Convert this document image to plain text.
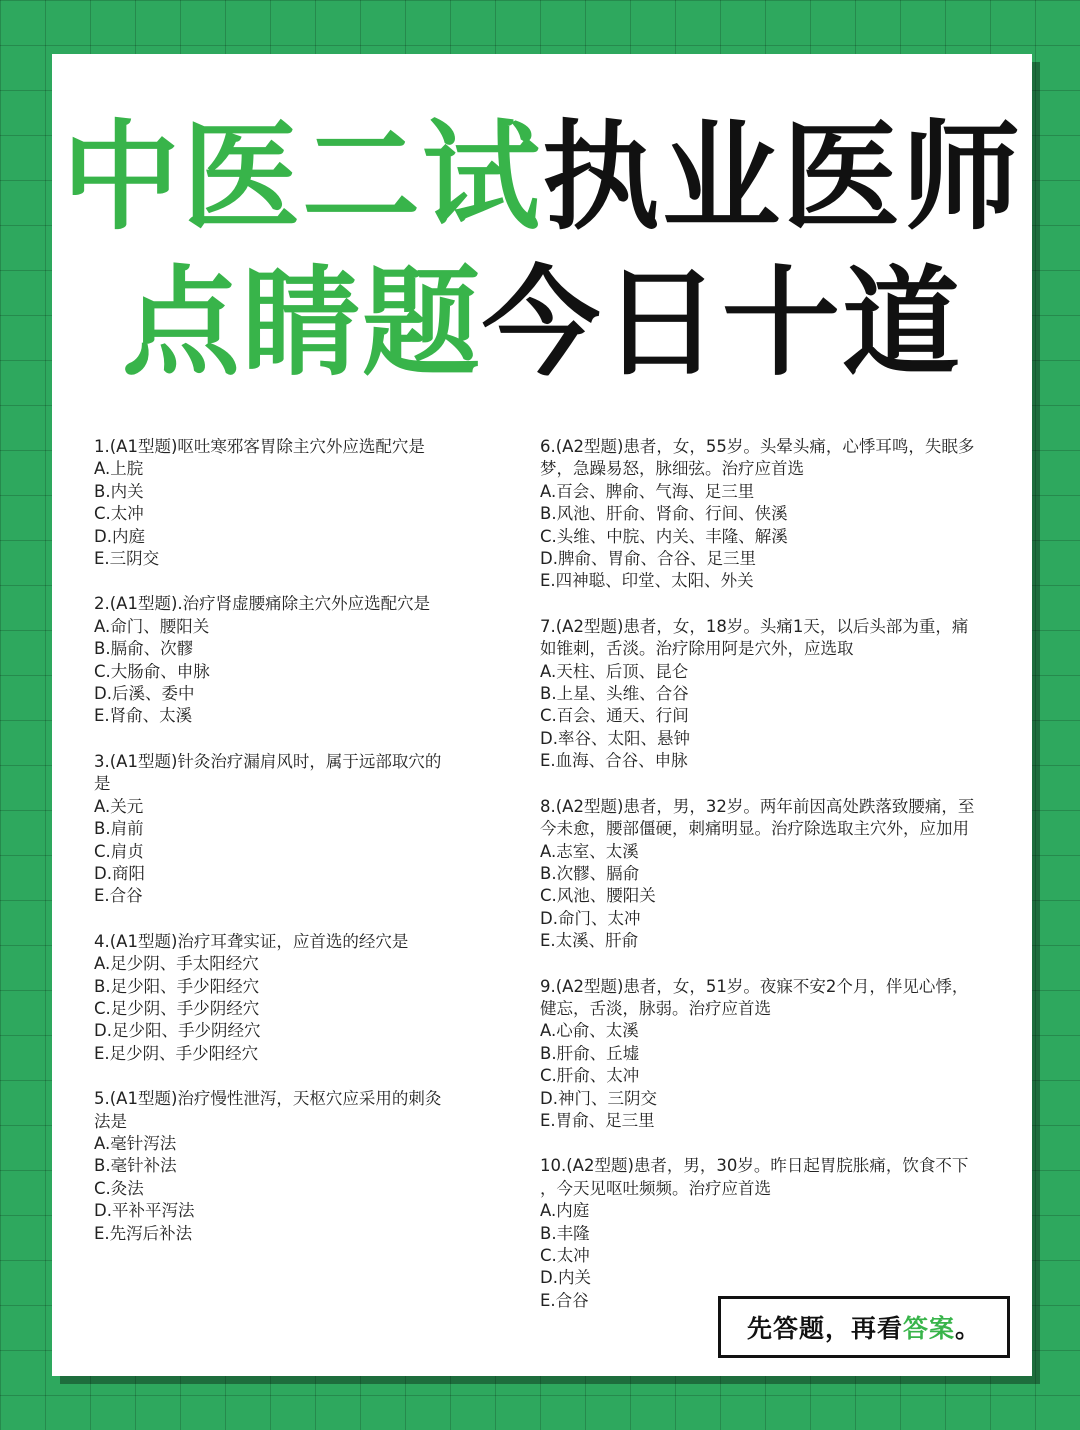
中医二试执业医师
点睛题今日十道
1.(A1型题)呕吐寒邪客胃除主穴外应选配穴是
A.上脘
B.内关
C.太冲
D.内庭
E.三阴交
2.(A1型题).治疗肾虚腰痛除主穴外应选配穴是
A.命门、腰阳关
B.膈俞、次髎
C.大肠俞、申脉
D.后溪、委中
E.肾俞、太溪
3.(A1型题)针灸治疗漏肩风时，属于远部取穴的
是
A.关元
B.肩前
C.肩贞
D.商阳
E.合谷
4.(A1型题)治疗耳聋实证，应首选的经穴是
A.足少阴、手太阳经穴
B.足少阳、手少阳经穴
C.足少阴、手少阴经穴
D.足少阳、手少阴经穴
E.足少阴、手少阳经穴
5.(A1型题)治疗慢性泄泻，天枢穴应采用的刺灸
法是
A.毫针泻法
B.毫针补法
C.灸法
D.平补平泻法
E.先泻后补法
6.(A2型题)患者，女，55岁。头晕头痛，心悸耳鸣，失眠多
梦，急躁易怒，脉细弦。治疗应首选
A.百会、脾俞、气海、足三里
B.风池、肝俞、肾俞、行间、侠溪
C.头维、中脘、内关、丰隆、解溪
D.脾俞、胃俞、合谷、足三里
E.四神聪、印堂、太阳、外关
7.(A2型题)患者，女，18岁。头痛1天，以后头部为重，痛
如锥刺，舌淡。治疗除用阿是穴外，应选取
A.天柱、后顶、昆仑
B.上星、头维、合谷
C.百会、通天、行间
D.率谷、太阳、悬钟
E.血海、合谷、申脉
8.(A2型题)患者，男，32岁。两年前因高处跌落致腰痛，至
今未愈，腰部僵硬，刺痛明显。治疗除选取主穴外，应加用
A.志室、太溪
B.次髎、膈俞
C.风池、腰阳关
D.命门、太冲
E.太溪、肝俞
9.(A2型题)患者，女，51岁。夜寐不安2个月，伴见心悸，
健忘，舌淡，脉弱。治疗应首选
A.心俞、太溪
B.肝俞、丘墟
C.肝俞、太冲
D.神门、三阴交
E.胃俞、足三里
10.(A2型题)患者，男，30岁。昨日起胃脘胀痛，饮食不下
，今天见呕吐频频。治疗应首选
A.内庭
B.丰隆
C.太冲
D.内关
E.合谷
先答题，再看 答案 。
